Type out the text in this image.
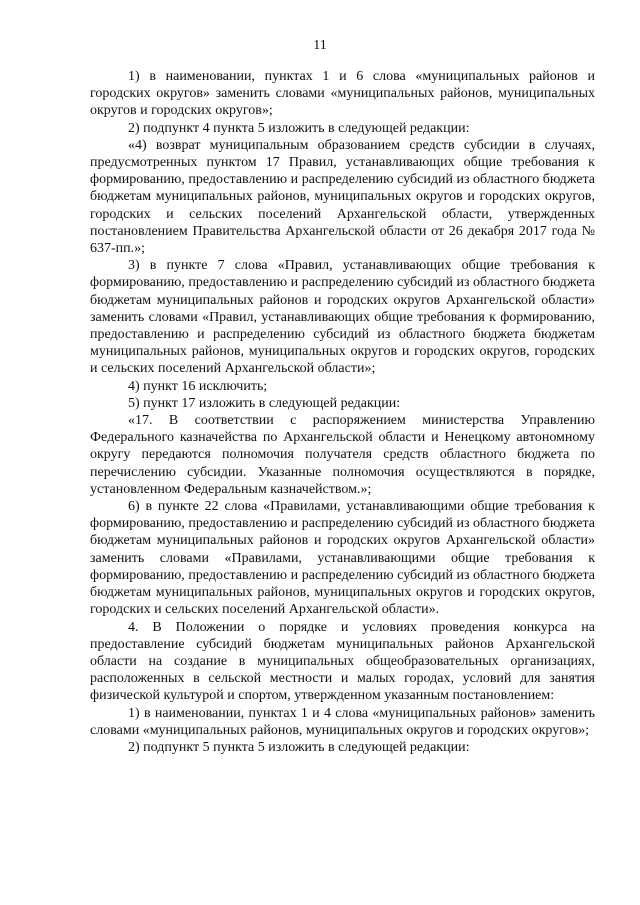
11

1) в наименовании, пунктах 1 и 6 слова «муниципальных районов и городских округов» заменить словами «муниципальных районов, муниципальных округов и городских округов»;

2) подпункт 4 пункта 5 изложить в следующей редакции:

«4) возврат муниципальным образованием средств субсидии в случаях, предусмотренных пунктом 17 Правил, устанавливающих общие требования к формированию, предоставлению и распределению субсидий из областного бюджета бюджетам муниципальных районов, муниципальных округов и городских округов, городских и сельских поселений Архангельской области, утвержденных постановлением Правительства Архангельской области от 26 декабря 2017 года № 637-пп.»;

3) в пункте 7 слова «Правил, устанавливающих общие требования к формированию, предоставлению и распределению субсидий из областного бюджета бюджетам муниципальных районов и городских округов Архангельской области» заменить словами «Правил, устанавливающих общие требования к формированию, предоставлению и распределению субсидий из областного бюджета бюджетам муниципальных районов, муниципальных округов и городских округов, городских и сельских поселений Архангельской области»;

4) пункт 16 исключить;

5) пункт 17 изложить в следующей редакции:

«17. В соответствии с распоряжением министерства Управлению Федерального казначейства по Архангельской области и Ненецкому автономному округу передаются полномочия получателя средств областного бюджета по перечислению субсидии. Указанные полномочия осуществляются в порядке, установленном Федеральным казначейством.»;

6) в пункте 22 слова «Правилами, устанавливающими общие требования к формированию, предоставлению и распределению субсидий из областного бюджета бюджетам муниципальных районов и городских округов Архангельской области» заменить словами «Правилами, устанавливающими общие требования к формированию, предоставлению и распределению субсидий из областного бюджета бюджетам муниципальных районов, муниципальных округов и городских округов, городских и сельских поселений Архангельской области».

4. В Положении о порядке и условиях проведения конкурса на предоставление субсидий бюджетам муниципальных районов Архангельской области на создание в муниципальных общеобразовательных организациях, расположенных в сельской местности и малых городах, условий для занятия физической культурой и спортом, утвержденном указанным постановлением:

1) в наименовании, пунктах 1 и 4 слова «муниципальных районов» заменить словами «муниципальных районов, муниципальных округов и городских округов»;

2) подпункт 5 пункта 5 изложить в следующей редакции:
